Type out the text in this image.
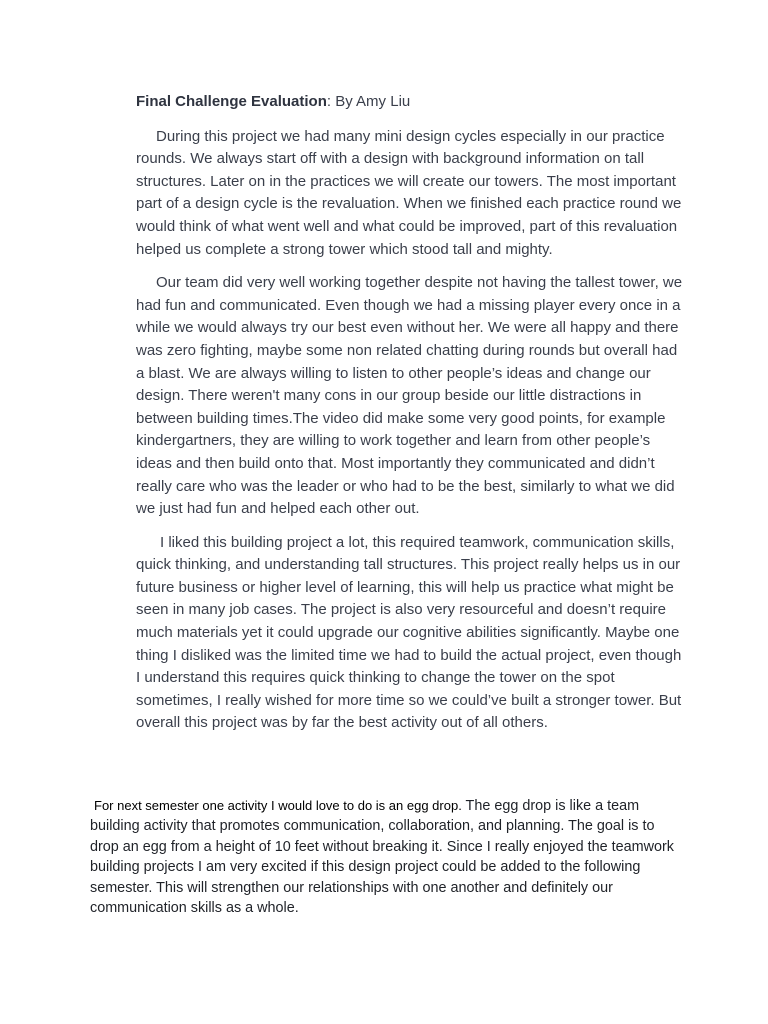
Final Challenge Evaluation: By Amy Liu

During this project we had many mini design cycles especially in our practice rounds. We always start off with a design with background information on tall structures. Later on in the practices we will create our towers. The most important part of a design cycle is the revaluation. When we finished each practice round we would think of what went well and what could be improved, part of this revaluation helped us complete a strong tower which stood tall and mighty.

Our team did very well working together despite not having the tallest tower, we had fun and communicated. Even though we had a missing player every once in a while we would always try our best even without her. We were all happy and there was zero fighting, maybe some non related chatting during rounds but overall had a blast. We are always willing to listen to other people’s ideas and change our design. There weren't many cons in our group beside our little distractions in between building times.The video did make some very good points, for example kindergartners, they are willing to work together and learn from other people’s ideas and then build onto that. Most importantly they communicated and didn’t really care who was the leader or who had to be the best, similarly to what we did we just had fun and helped each other out.

I liked this building project a lot, this required teamwork, communication skills, quick thinking, and understanding tall structures. This project really helps us in our future business or higher level of learning, this will help us practice what might be seen in many job cases. The project is also very resourceful and doesn’t require much materials yet it could upgrade our cognitive abilities significantly. Maybe one thing I disliked was the limited time we had to build the actual project, even though I understand this requires quick thinking to change the tower on the spot sometimes, I really wished for more time so we could’ve built a stronger tower. But overall this project was by far the best activity out of all others.

For next semester one activity I would love to do is an egg drop. The egg drop is like a team building activity that promotes communication, collaboration, and planning. The goal is to drop an egg from a height of 10 feet without breaking it. Since I really enjoyed the teamwork building projects I am very excited if this design project could be added to the following semester. This will strengthen our relationships with one another and definitely our communication skills as a whole.
